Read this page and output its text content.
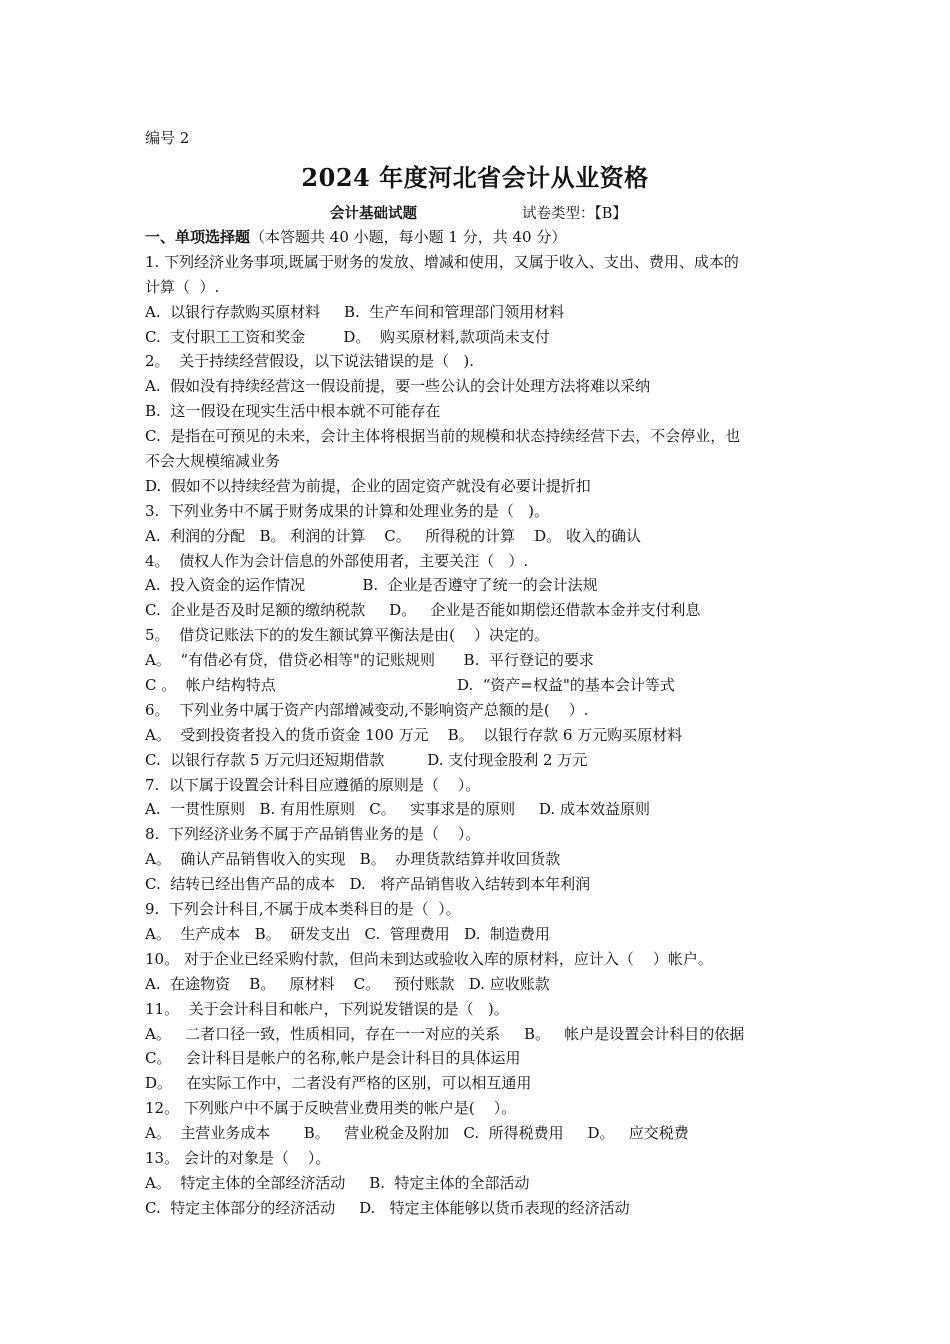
编号 2
2024 年度河北省会计从业资格
会计基础试题	试卷类型：【B】
一、单项选择题（本答题共 40 小题，每小题 1 分，共 40 分）
1. 下列经济业务事项,既属于财务的发放、增减和使用，又属于收入、支出、费用、成本的
计算（  ）.
A.  以银行存款购买原材料     B.  生产车间和管理部门领用材料
C.  支付职工工资和奖金        D。  购买原材料,款项尚未支付
2。  关于持续经营假设，以下说法错误的是（   ).
A.  假如没有持续经营这一假设前提，要一些公认的会计处理方法将难以采纳
B.  这一假设在现实生活中根本就不可能存在
C.  是指在可预见的未来，会计主体将根据当前的规模和状态持续经营下去，不会停业，也
不会大规模缩减业务
D.  假如不以持续经营为前提，企业的固定资产就没有必要计提折扣
3.  下列业务中不属于财务成果的计算和处理业务的是（   )。
A.  利润的分配   B。 利润的计算    C。   所得税的计算    D。 收入的确认
4。  债权人作为会计信息的外部使用者，主要关注（   ）.
A.  投入资金的运作情况            B.  企业是否遵守了统一的会计法规
C.  企业是否及时足额的缴纳税款     D。   企业是否能如期偿还借款本金并支付利息
5。  借贷记账法下的的发生额试算平衡法是由(    ）决定的。
A。  “有借必有贷，借贷必相等"的记账规则      B.  平行登记的要求
C 。  帐户结构特点                                      D.  “资产=权益"的基本会计等式
6。  下列业务中属于资产内部增减变动,不影响资产总额的是(    ）.
A。  受到投资者投入的货币资金 100 万元    B。  以银行存款 6 万元购买原材料
C.  以银行存款 5 万元归还短期借款         D. 支付现金股利 2 万元
7.  以下属于设置会计科目应遵循的原则是（    ）。
A.  一贯性原则   B. 有用性原则   C。   实事求是的原则     D. 成本效益原则
8.  下列经济业务不属于产品销售业务的是（    ）。
A。  确认产品销售收入的实现   B。  办理货款结算并收回货款
C.  结转已经出售产品的成本   D.   将产品销售收入结转到本年利润
9.  下列会计科目,不属于成本类科目的是（  ）。
A。  生产成本   B。  研发支出   C.  管理费用   D.  制造费用
10。 对于企业已经采购付款，但尚未到达或验收入库的原材料，应计入（    ）帐户。
A.  在途物资    B。   原材料    C。   预付账款   D. 应收账款
11。  关于会计科目和帐户，下列说发错误的是（   )。
A。   二者口径一致，性质相同，存在一一对应的关系     B。   帐户是设置会计科目的依据
C。   会计科目是帐户的名称,帐户是会计科目的具体运用
D。   在实际工作中，二者没有严格的区别，可以相互通用
12。 下列账户中不属于反映营业费用类的帐户是(    ）。
A。  主营业务成本       B。   营业税金及附加   C.  所得税费用     D。   应交税费
13。 会计的对象是（    ）。
A。  特定主体的全部经济活动     B.  特定主体的全部活动
C.  特定主体部分的经济活动     D.   特定主体能够以货币表现的经济活动
